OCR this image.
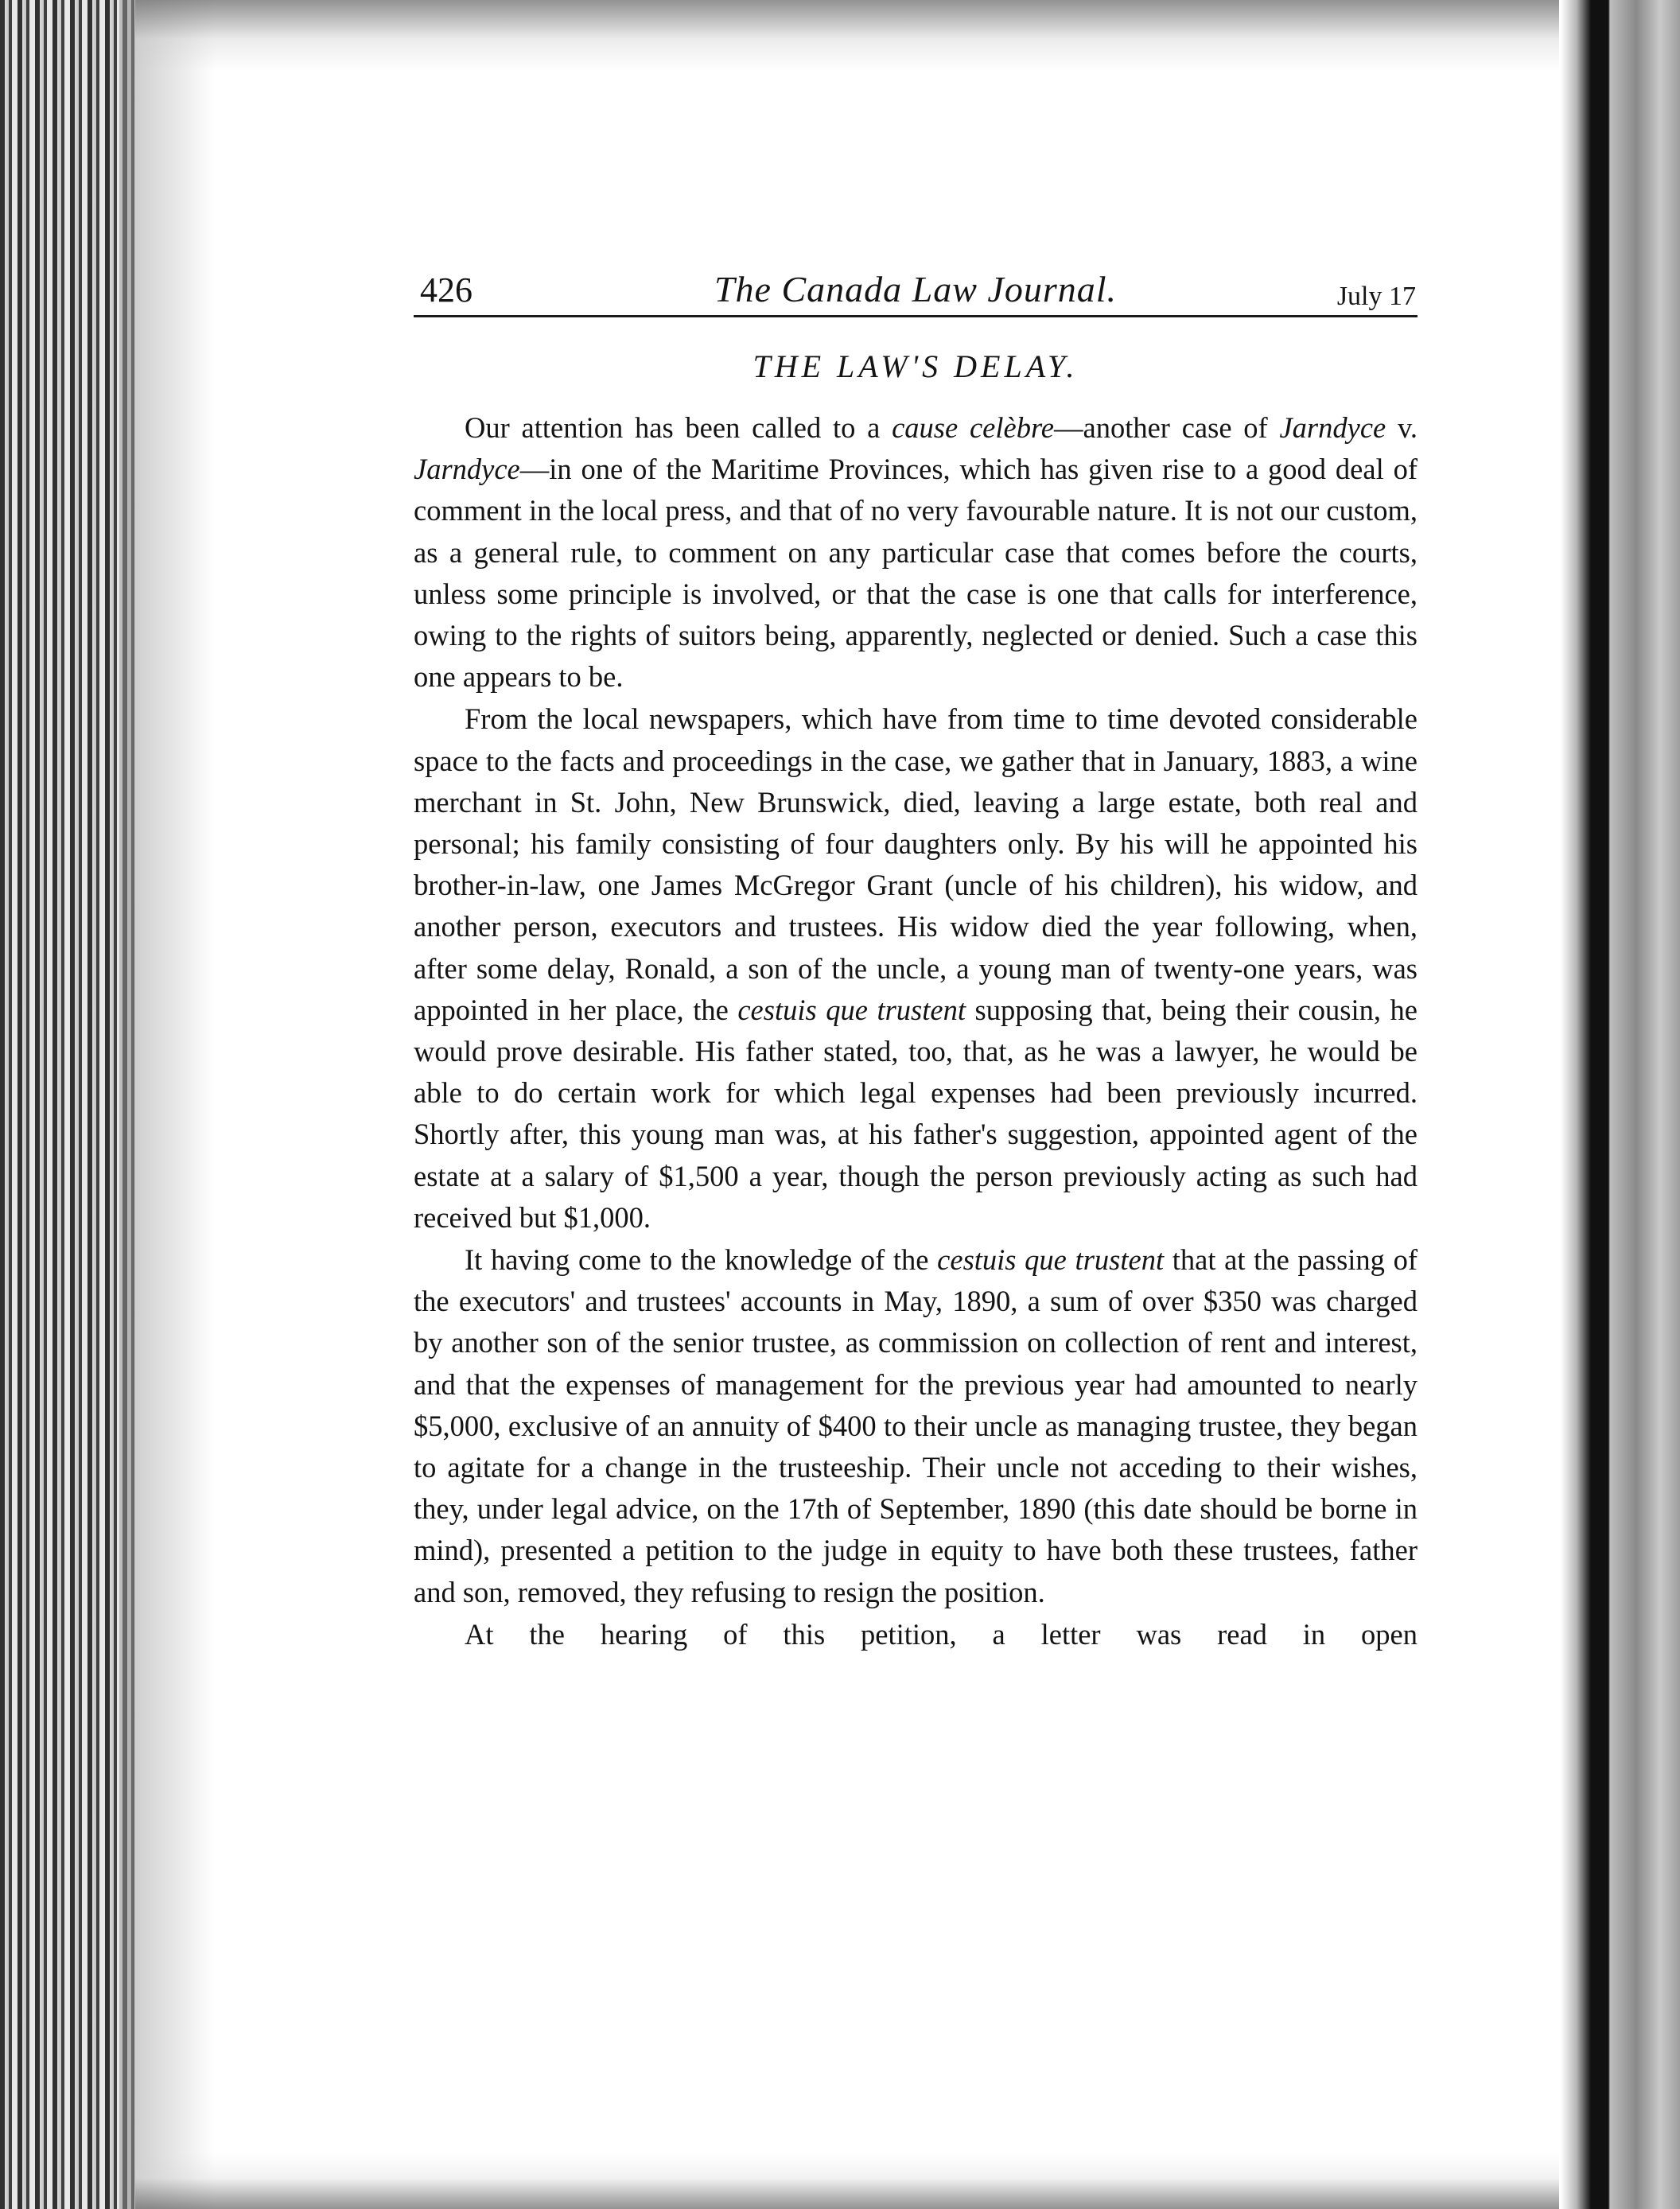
426	The Canada Law Journal.	July 17
THE LAW'S DELAY.

Our attention has been called to a cause celèbre—another case of Jarndyce v. Jarndyce—in one of the Maritime Provinces, which has given rise to a good deal of comment in the local press, and that of no very favourable nature. It is not our custom, as a general rule, to comment on any particular case that comes before the courts, unless some principle is involved, or that the case is one that calls for interference, owing to the rights of suitors being, apparently, neglected or denied. Such a case this one appears to be.

From the local newspapers, which have from time to time devoted considerable space to the facts and proceedings in the case, we gather that in January, 1883, a wine merchant in St. John, New Brunswick, died, leaving a large estate, both real and personal; his family consisting of four daughters only. By his will he appointed his brother-in-law, one James McGregor Grant (uncle of his children), his widow, and another person, executors and trustees. His widow died the year following, when, after some delay, Ronald, a son of the uncle, a young man of twenty-one years, was appointed in her place, the cestuis que trustent supposing that, being their cousin, he would prove desirable. His father stated, too, that, as he was a lawyer, he would be able to do certain work for which legal expenses had been previously incurred. Shortly after, this young man was, at his father's suggestion, appointed agent of the estate at a salary of $1,500 a year, though the person previously acting as such had received but $1,000.

It having come to the knowledge of the cestuis que trustent that at the passing of the executors' and trustees' accounts in May, 1890, a sum of over $350 was charged by another son of the senior trustee, as commission on collection of rent and interest, and that the expenses of management for the previous year had amounted to nearly $5,000, exclusive of an annuity of $400 to their uncle as managing trustee, they began to agitate for a change in the trusteeship. Their uncle not acceding to their wishes, they, under legal advice, on the 17th of September, 1890 (this date should be borne in mind), presented a petition to the judge in equity to have both these trustees, father and son, removed, they refusing to resign the position.

At the hearing of this petition, a letter was read in open
